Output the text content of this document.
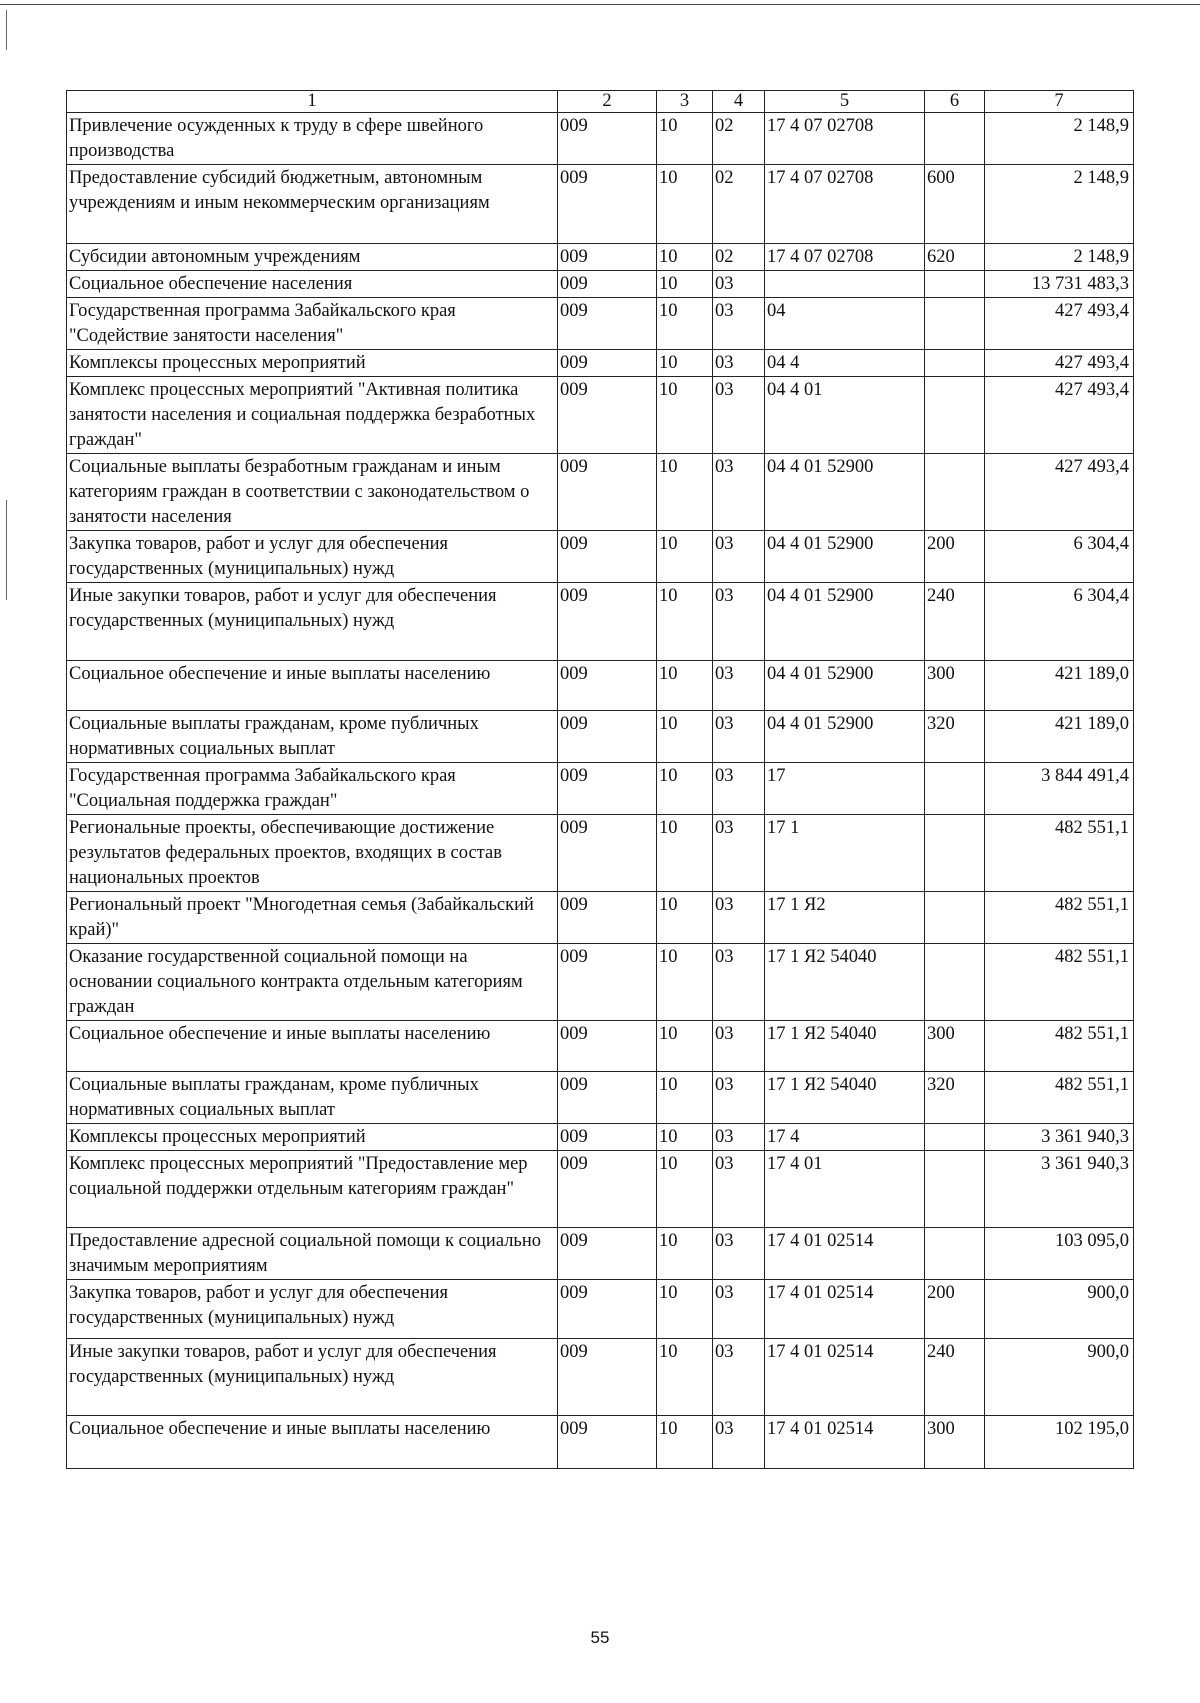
1	2	3	4	5	6	7
Привлечение осужденных к труду в сфере швейного производства	009	10	02	17 4 07 02708		2 148,9
Предоставление субсидий бюджетным, автономным учреждениям и иным некоммерческим организациям	009	10	02	17 4 07 02708	600	2 148,9
Субсидии автономным учреждениям	009	10	02	17 4 07 02708	620	2 148,9
Социальное обеспечение населения	009	10	03			13 731 483,3
Государственная программа Забайкальского края "Содействие занятости населения"	009	10	03	04		427 493,4
Комплексы процессных мероприятий	009	10	03	04 4		427 493,4
Комплекс процессных мероприятий "Активная политика занятости населения и социальная поддержка безработных граждан"	009	10	03	04 4 01		427 493,4
Социальные выплаты безработным гражданам и иным категориям граждан в соответствии с законодательством о занятости населения	009	10	03	04 4 01 52900		427 493,4
Закупка товаров, работ и услуг для обеспечения государственных (муниципальных) нужд	009	10	03	04 4 01 52900	200	6 304,4
Иные закупки товаров, работ и услуг для обеспечения государственных (муниципальных) нужд	009	10	03	04 4 01 52900	240	6 304,4
Социальное обеспечение и иные выплаты населению	009	10	03	04 4 01 52900	300	421 189,0
Социальные выплаты гражданам, кроме публичных нормативных социальных выплат	009	10	03	04 4 01 52900	320	421 189,0
Государственная программа Забайкальского края "Социальная поддержка граждан"	009	10	03	17		3 844 491,4
Региональные проекты, обеспечивающие достижение результатов федеральных проектов, входящих в состав национальных проектов	009	10	03	17 1		482 551,1
Региональный проект "Многодетная семья (Забайкальский край)"	009	10	03	17 1 Я2		482 551,1
Оказание государственной социальной помощи на основании социального контракта отдельным категориям граждан	009	10	03	17 1 Я2 54040		482 551,1
Социальное обеспечение и иные выплаты населению	009	10	03	17 1 Я2 54040	300	482 551,1
Социальные выплаты гражданам, кроме публичных нормативных социальных выплат	009	10	03	17 1 Я2 54040	320	482 551,1
Комплексы процессных мероприятий	009	10	03	17 4		3 361 940,3
Комплекс процессных мероприятий "Предоставление мер социальной поддержки отдельным категориям граждан"	009	10	03	17 4 01		3 361 940,3
Предоставление адресной социальной помощи к социально значимым мероприятиям	009	10	03	17 4 01 02514		103 095,0
Закупка товаров, работ и услуг для обеспечения государственных (муниципальных) нужд	009	10	03	17 4 01 02514	200	900,0
Иные закупки товаров, работ и услуг для обеспечения государственных (муниципальных) нужд	009	10	03	17 4 01 02514	240	900,0
Социальное обеспечение и иные выплаты населению	009	10	03	17 4 01 02514	300	102 195,0
55
